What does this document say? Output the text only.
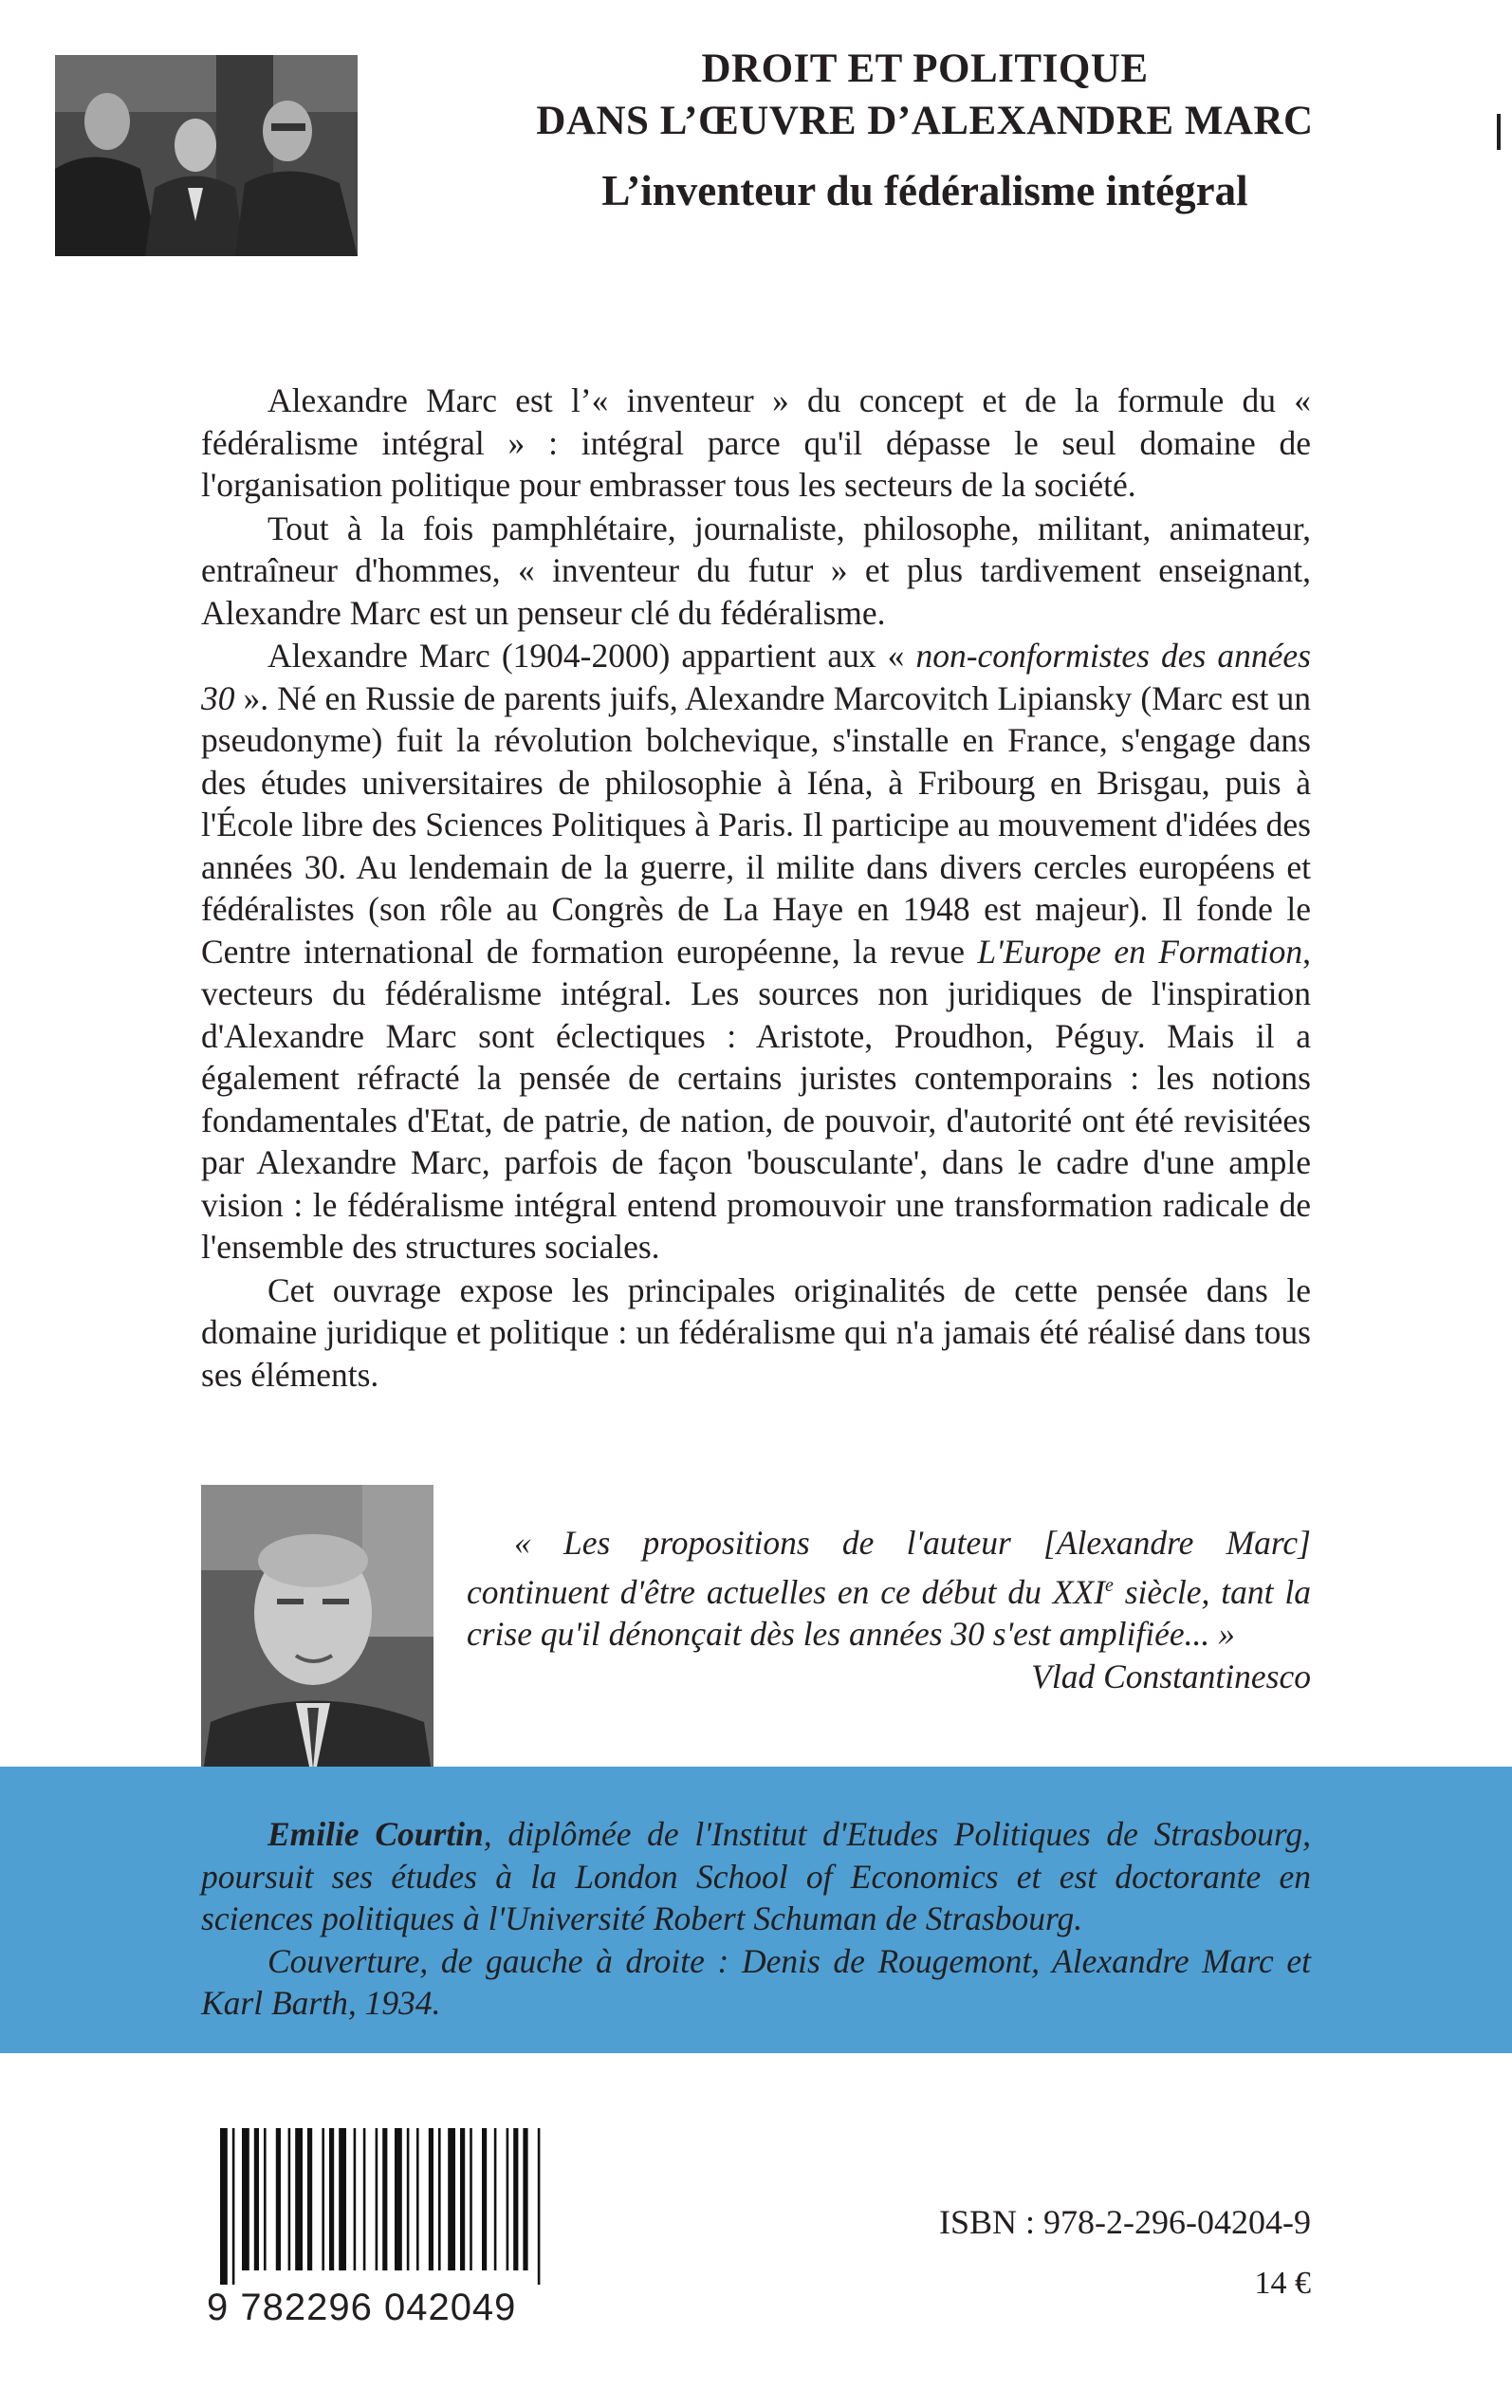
DROIT ET POLITIQUE
DANS L’ŒUVRE D’ALEXANDRE MARC
L’inventeur du fédéralisme intégral

Alexandre Marc est l’« inventeur » du concept et de la formule du « fédéralisme intégral » : intégral parce qu'il dépasse le seul domaine de l'organisation politique pour embrasser tous les secteurs de la société.

Tout à la fois pamphlétaire, journaliste, philosophe, militant, animateur, entraîneur d'hommes, « inventeur du futur » et plus tardivement enseignant, Alexandre Marc est un penseur clé du fédéralisme.

Alexandre Marc (1904-2000) appartient aux « non-conformistes des années 30 ». Né en Russie de parents juifs, Alexandre Marcovitch Lipiansky (Marc est un pseudonyme) fuit la révolution bolchevique, s'installe en France, s'engage dans des études universitaires de philosophie à Iéna, à Fribourg en Brisgau, puis à l'École libre des Sciences Politiques à Paris. Il participe au mouvement d'idées des années 30. Au lendemain de la guerre, il milite dans divers cercles européens et fédéralistes (son rôle au Congrès de La Haye en 1948 est majeur). Il fonde le Centre international de formation européenne, la revue L'Europe en Formation, vecteurs du fédéralisme intégral. Les sources non juridiques de l'inspiration d'Alexandre Marc sont éclectiques : Aristote, Proudhon, Péguy. Mais il a également réfracté la pensée de certains juristes contemporains : les notions fondamentales d'Etat, de patrie, de nation, de pouvoir, d'autorité ont été revisitées par Alexandre Marc, parfois de façon 'bousculante', dans le cadre d'une ample vision : le fédéralisme intégral entend promouvoir une transformation radicale de l'ensemble des structures sociales.

Cet ouvrage expose les principales originalités de cette pensée dans le domaine juridique et politique : un fédéralisme qui n'a jamais été réalisé dans tous ses éléments.

« Les propositions de l'auteur [Alexandre Marc] continuent d'être actuelles en ce début du XXIe siècle, tant la crise qu'il dénonçait dès les années 30 s'est amplifiée... »

Vlad Constantinesco

Emilie Courtin, diplômée de l'Institut d'Etudes Politiques de Strasbourg, poursuit ses études à la London School of Economics et est doctorante en sciences politiques à l'Université Robert Schuman de Strasbourg.

Couverture, de gauche à droite : Denis de Rougemont, Alexandre Marc et Karl Barth, 1934.

9 782296 042049
ISBN : 978-2-296-04204-9
14 €
